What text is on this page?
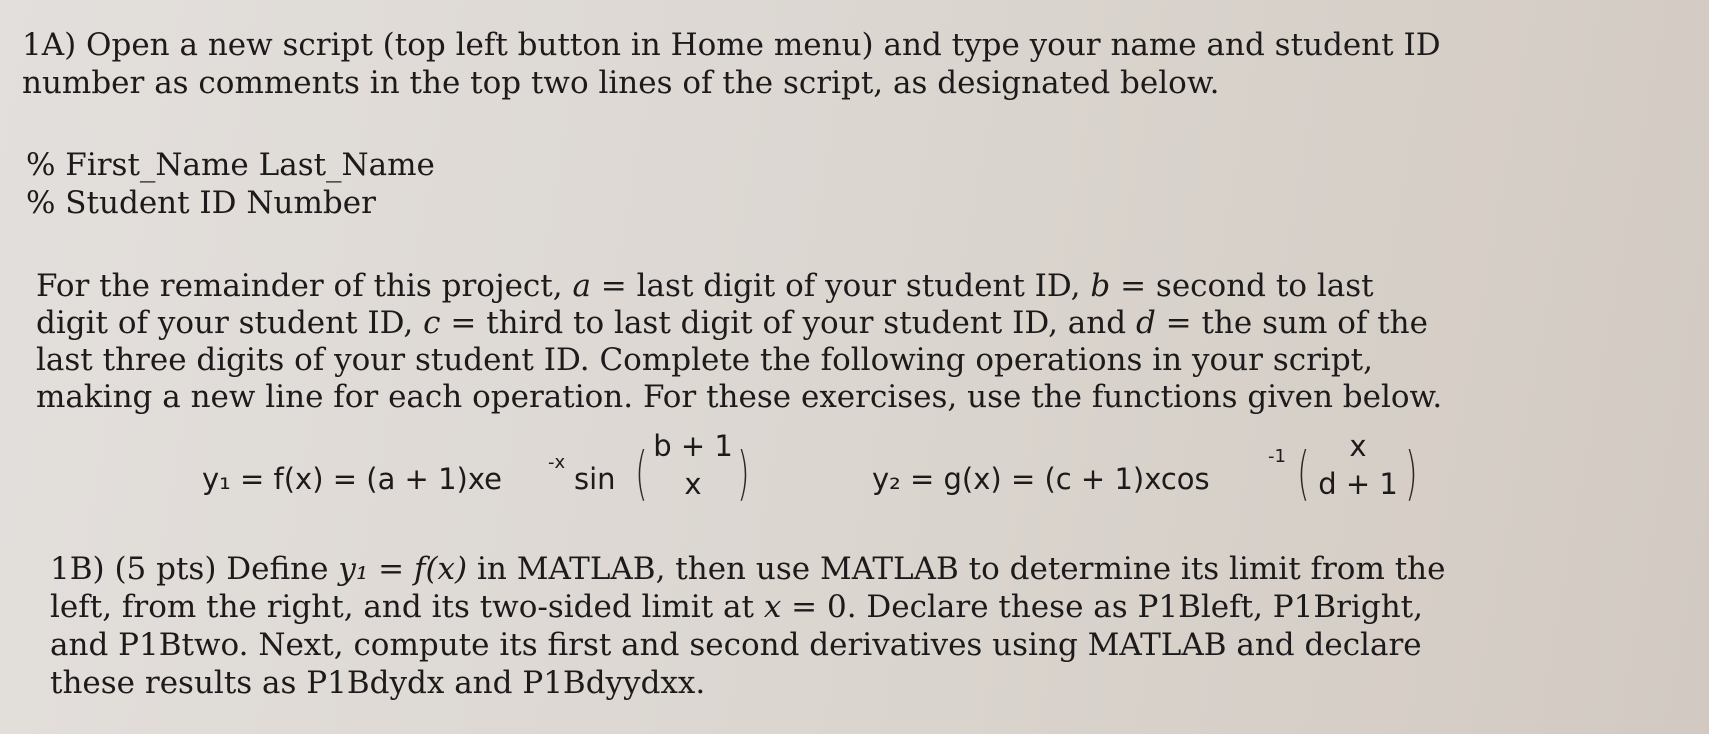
1A) Open a new script (top left button in Home menu) and type your name and student ID
number as comments in the top two lines of the script, as designated below.
% First_Name Last_Name
% Student ID Number
For the remainder of this project, a = last digit of your student ID, b = second to last
digit of your student ID, c = third to last digit of your student ID, and d = the sum of the
last three digits of your student ID. Complete the following operations in your script,
making a new line for each operation. For these exercises, use the functions given below.
y₁ = f(x) = (a + 1)xe	-x sin ( b + 1
x )	y₂ = g(x) = (c + 1)xcos
-1 (	x
d + 1 )
1B) (5 pts) Define y₁ = f(x) in MATLAB, then use MATLAB to determine its limit from the
left, from the right, and its two-sided limit at x = 0. Declare these as P1Bleft, P1Bright,
and P1Btwo. Next, compute its first and second derivatives using MATLAB and declare
these results as P1Bdydx and P1Bdyydxx.
